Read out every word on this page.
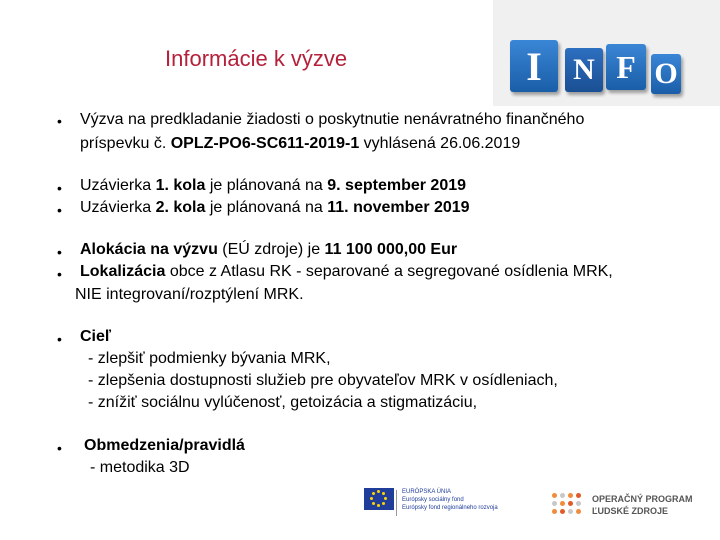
Informácie k výzve	I	N F O
• Výzva na predkladanie žiadosti o poskytnutie nenávratného finančného
príspevku č. OPLZ-PO6-SC611-2019-1 vyhlásená 26.06.2019
• Uzávierka 1. kola je plánovaná na 9. september 2019
• Uzávierka 2. kola je plánovaná na 11. november 2019
• Alokácia na výzvu (EÚ zdroje) je 11 100 000,00 Eur
• Lokalizácia obce z Atlasu RK - separované a segregované osídlenia MRK,
NIE integrovaní/rozptýlení MRK.
• Cieľ
- zlepšiť podmienky bývania MRK,
- zlepšenia dostupnosti služieb pre obyvateľov MRK v osídleniach,
- znížiť sociálnu vylúčenosť, getoizácia a stigmatizáciu,
• Obmedzenia/pravidlá
- metodika 3D
EURÓPSKA ÚNIA
Európsky sociálny fond
Európsky fond regionálneho rozvoja
OPERAČNÝ PROGRAM
ĽUDSKÉ ZDROJE
